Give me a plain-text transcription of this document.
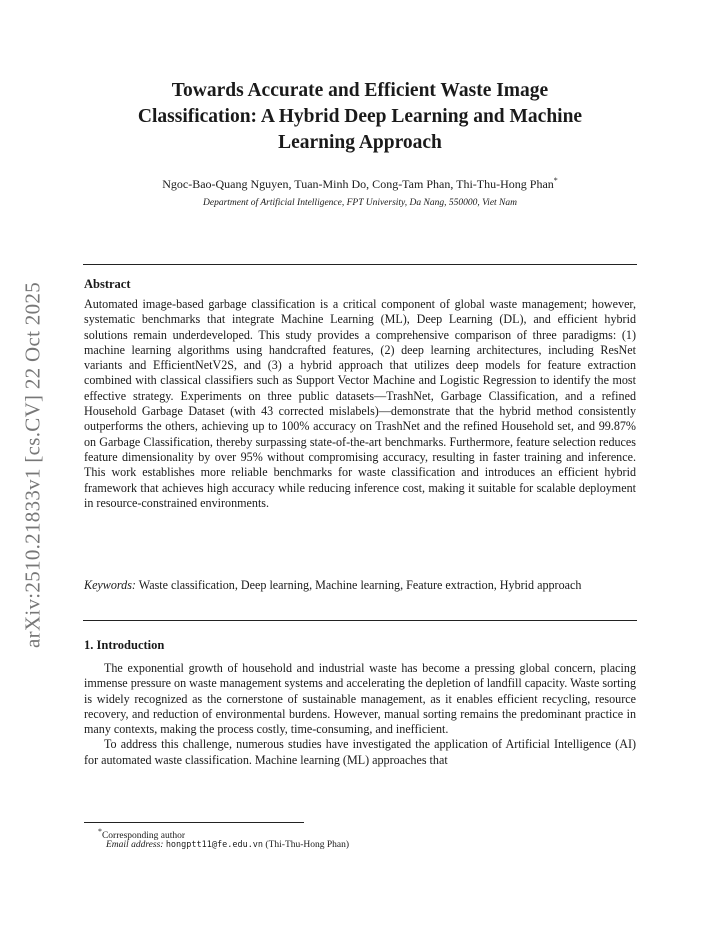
arXiv:2510.21833v1 [cs.CV] 22 Oct 2025
Towards Accurate and Efficient Waste Image
Classification: A Hybrid Deep Learning and Machine
Learning Approach
Ngoc-Bao-Quang Nguyen, Tuan-Minh Do, Cong-Tam Phan, Thi-Thu-Hong Phan*
Department of Artificial Intelligence, FPT University, Da Nang, 550000, Viet Nam
Abstract
Automated image-based garbage classification is a critical component of global waste management; however, systematic benchmarks that integrate Machine Learning (ML), Deep Learning (DL), and efficient hybrid solutions remain underdeveloped. This study provides a comprehensive comparison of three paradigms: (1) machine learning algorithms using handcrafted features, (2) deep learning architectures, including ResNet variants and EfficientNetV2S, and (3) a hybrid approach that utilizes deep models for feature extraction combined with classical classifiers such as Support Vector Machine and Logistic Regression to identify the most effective strategy. Experiments on three public datasets—TrashNet, Garbage Classification, and a refined Household Garbage Dataset (with 43 corrected mislabels)—demonstrate that the hybrid method consistently outperforms the others, achieving up to 100% accuracy on TrashNet and the refined Household set, and 99.87% on Garbage Classification, thereby surpassing state-of-the-art benchmarks. Furthermore, feature selection reduces feature dimensionality by over 95% without compromising accuracy, resulting in faster training and inference. This work establishes more reliable benchmarks for waste classification and introduces an efficient hybrid framework that achieves high accuracy while reducing inference cost, making it suitable for scalable deployment in resource-constrained environments.
Keywords: Waste classification, Deep learning, Machine learning, Feature extraction, Hybrid approach
1. Introduction

The exponential growth of household and industrial waste has become a pressing global concern, placing immense pressure on waste management systems and accelerating the depletion of landfill capacity. Waste sorting is widely recognized as the cornerstone of sustainable management, as it enables efficient recycling, resource recovery, and reduction of environmental burdens. However, manual sorting remains the predominant practice in many contexts, making the process costly, time-consuming, and inefficient.

To address this challenge, numerous studies have investigated the application of Artificial Intelligence (AI) for automated waste classification. Machine learning (ML) approaches that

*Corresponding author
Email address: hongptt11@fe.edu.vn (Thi-Thu-Hong Phan)
